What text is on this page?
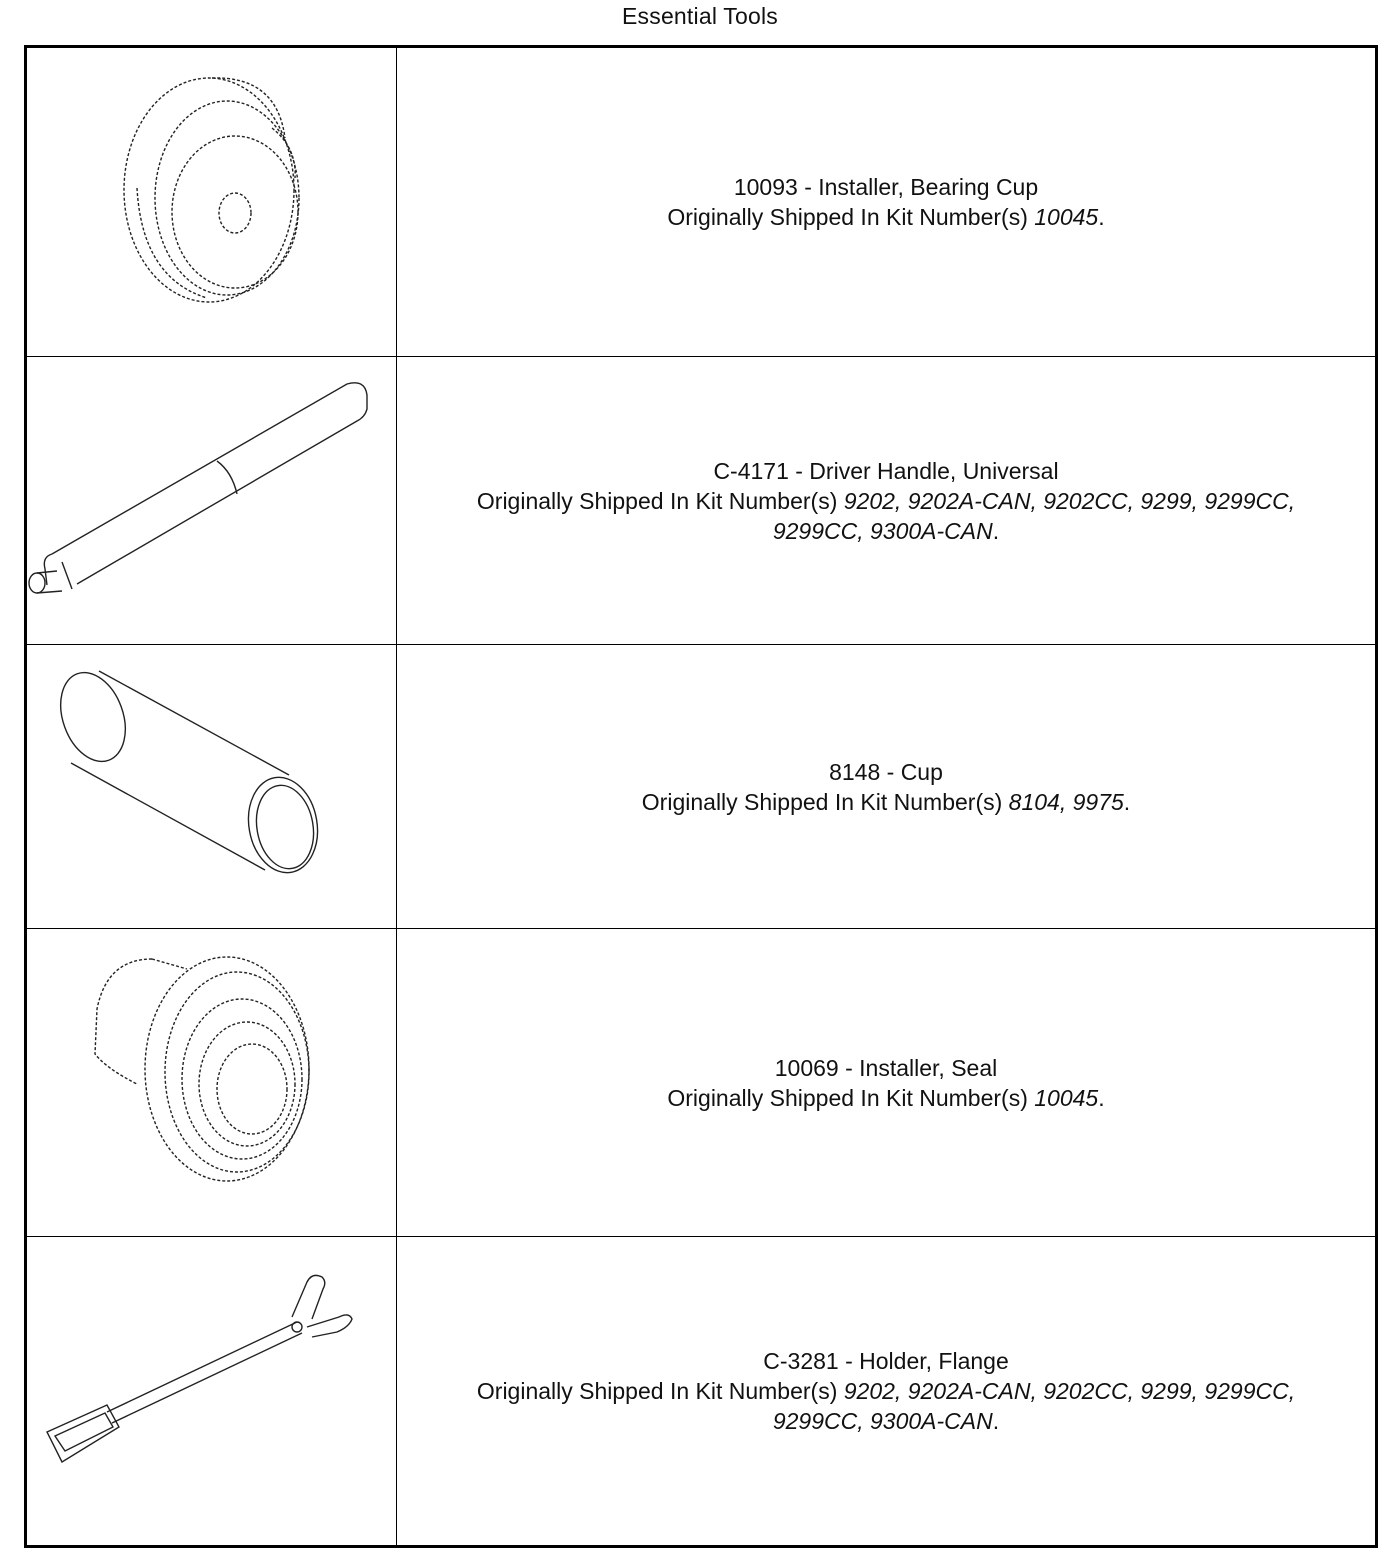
Essential Tools
10093 - Installer, Bearing Cup
Originally Shipped In Kit Number(s) 10045.
C-4171 - Driver Handle, Universal
Originally Shipped In Kit Number(s) 9202, 9202A-CAN, 9202CC, 9299, 9299CC, 9299CC, 9300A-CAN.
8148 - Cup
Originally Shipped In Kit Number(s) 8104, 9975.
10069 - Installer, Seal
Originally Shipped In Kit Number(s) 10045.
C-3281 - Holder, Flange
Originally Shipped In Kit Number(s) 9202, 9202A-CAN, 9202CC, 9299, 9299CC, 9299CC, 9300A-CAN.
